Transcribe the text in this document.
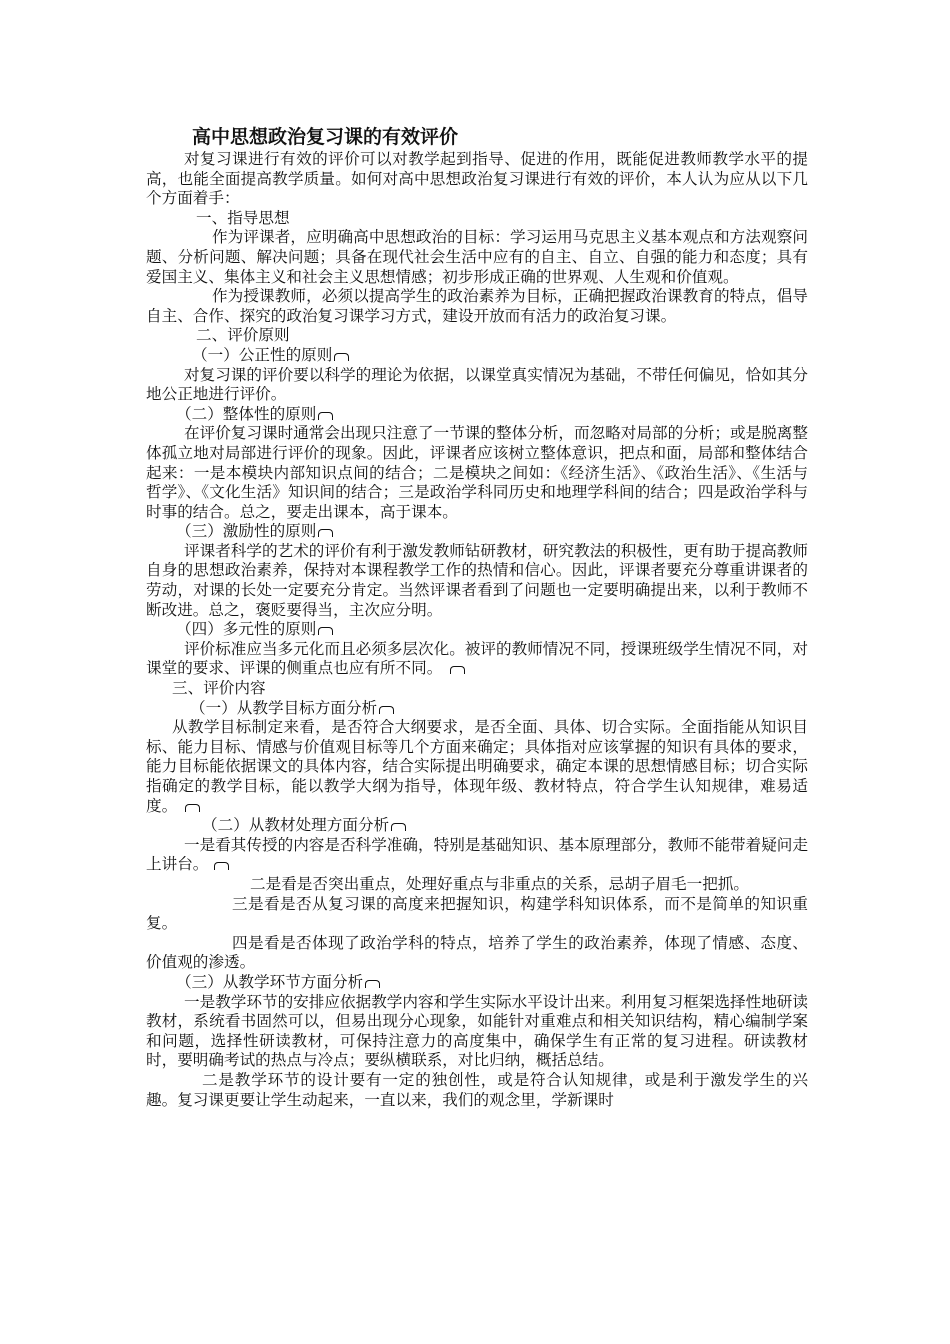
高中思想政治复习课的有效评价

对复习课进行有效的评价可以对教学起到指导、促进的作用，既能促进教师教学水平的提高，也能全面提高教学质量。如何对高中思想政治复习课进行有效的评价，本人认为应从以下几个方面着手：

一、指导思想

作为评课者，应明确高中思想政治的目标：学习运用马克思主义基本观点和方法观察问题、分析问题、解决问题；具备在现代社会生活中应有的自主、自立、自强的能力和态度；具有爱国主义、集体主义和社会主义思想情感；初步形成正确的世界观、人生观和价值观。

作为授课教师，必须以提高学生的政治素养为目标，正确把握政治课教育的特点，倡导自主、合作、探究的政治复习课学习方式，建设开放而有活力的政治复习课。

二、评价原则

（一）公正性的原则

对复习课的评价要以科学的理论为依据，以课堂真实情况为基础，不带任何偏见，恰如其分地公正地进行评价。

（二）整体性的原则

在评价复习课时通常会出现只注意了一节课的整体分析，而忽略对局部的分析；或是脱离整体孤立地对局部进行评价的现象。因此，评课者应该树立整体意识，把点和面，局部和整体结合起来：一是本模块内部知识点间的结合；二是模块之间如：《经济生活》、《政治生活》、《生活与哲学》、《文化生活》知识间的结合；三是政治学科同历史和地理学科间的结合；四是政治学科与时事的结合。总之，要走出课本，高于课本。

（三）激励性的原则

评课者科学的艺术的评价有利于激发教师钻研教材，研究教法的积极性，更有助于提高教师自身的思想政治素养，保持对本课程教学工作的热情和信心。因此，评课者要充分尊重讲课者的劳动，对课的长处一定要充分肯定。当然评课者看到了问题也一定要明确提出来，以利于教师不断改进。总之，褒贬要得当，主次应分明。

（四）多元性的原则

评价标准应当多元化而且必须多层次化。被评的教师情况不同，授课班级学生情况不同，对课堂的要求、评课的侧重点也应有所不同。

三、评价内容

（一）从教学目标方面分析

从教学目标制定来看，是否符合大纲要求，是否全面、具体、切合实际。全面指能从知识目标、能力目标、情感与价值观目标等几个方面来确定；具体指对应该掌握的知识有具体的要求，能力目标能依据课文的具体内容，结合实际提出明确要求，确定本课的思想情感目标；切合实际指确定的教学目标，能以教学大纲为指导，体现年级、教材特点，符合学生认知规律，难易适度。

（二）从教材处理方面分析

一是看其传授的内容是否科学准确，特别是基础知识、基本原理部分，教师不能带着疑问走上讲台。

二是看是否突出重点，处理好重点与非重点的关系，忌胡子眉毛一把抓。

三是看是否从复习课的高度来把握知识，构建学科知识体系，而不是简单的知识重复。

四是看是否体现了政治学科的特点，培养了学生的政治素养，体现了情感、态度、价值观的渗透。

（三）从教学环节方面分析

一是教学环节的安排应依据教学内容和学生实际水平设计出来。利用复习框架选择性地研读教材，系统看书固然可以，但易出现分心现象，如能针对重难点和相关知识结构，精心编制学案和问题，选择性研读教材，可保持注意力的高度集中，确保学生有正常的复习进程。研读教材时，要明确考试的热点与冷点；要纵横联系，对比归纳，概括总结。

二是教学环节的设计要有一定的独创性，或是符合认知规律，或是利于激发学生的兴趣。复习课更要让学生动起来，一直以来，我们的观念里，学新课时
